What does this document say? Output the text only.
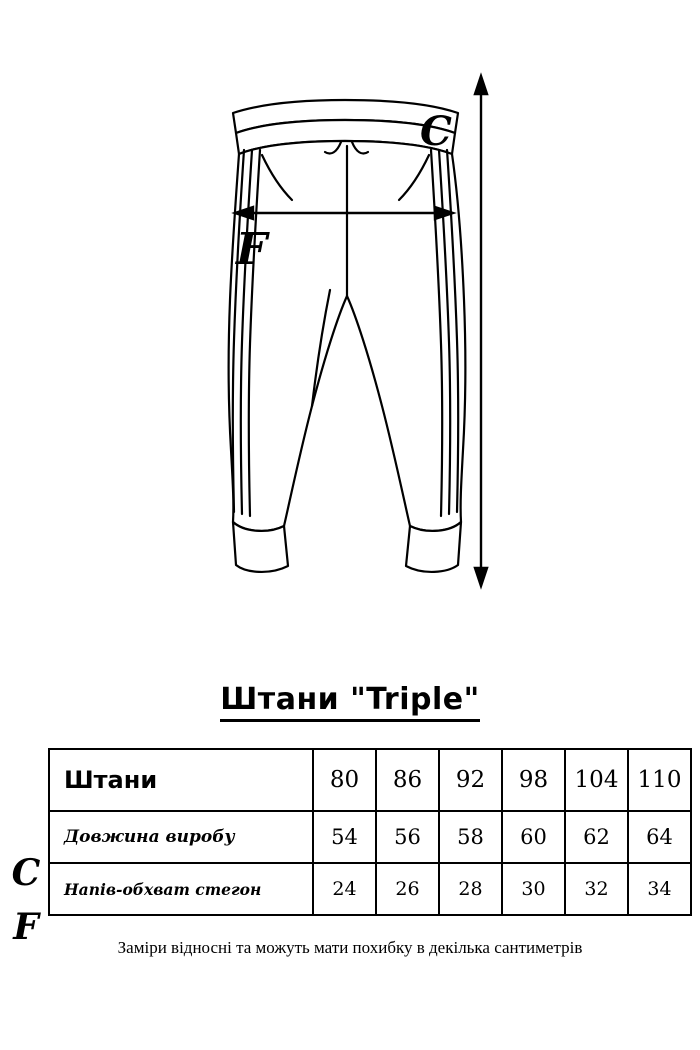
C
F
Штани "Triple"
C
F
Штани	80	86	92	98	104	110
Довжина виробу	54	56	58	60	62	64
Напів-обхват стегон	24	26	28	30	32	34
Заміри відносні та можуть мати похибку в декілька сантиметрів
